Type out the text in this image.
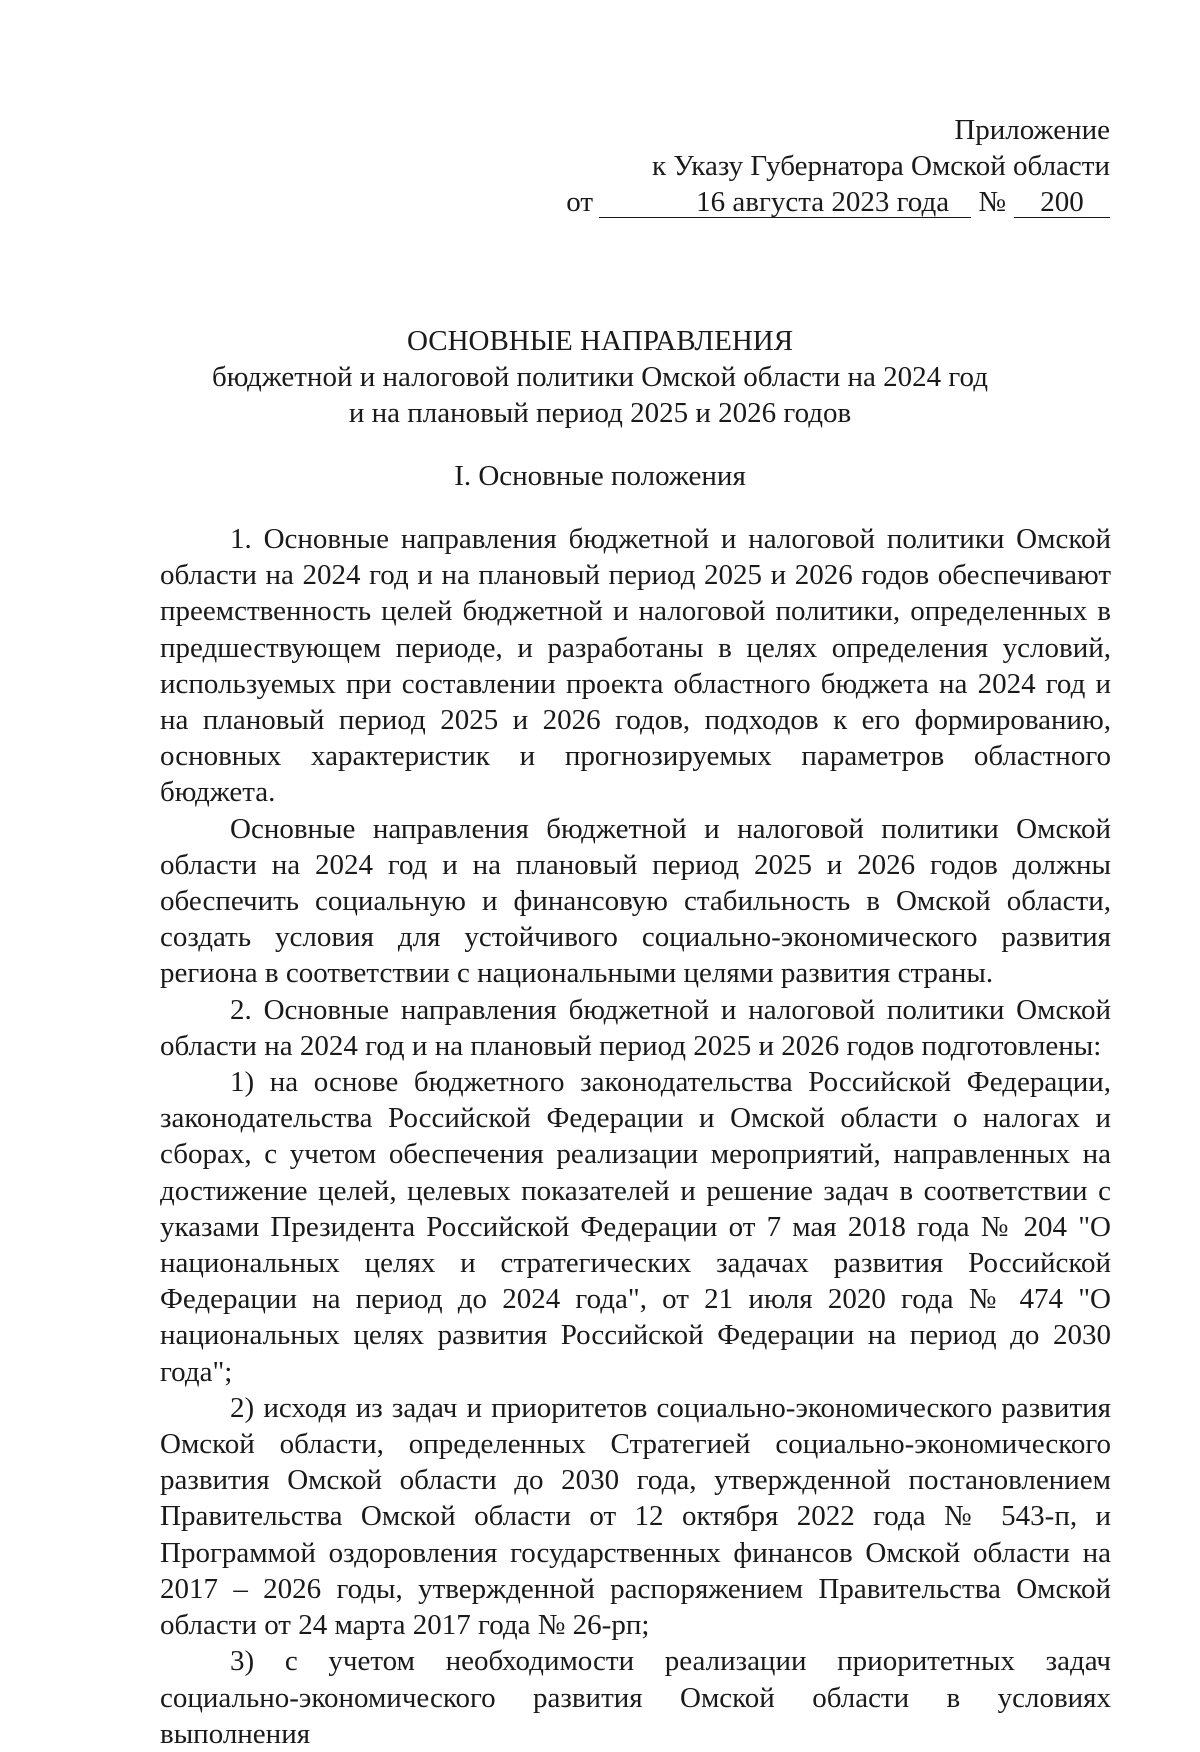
Приложение
к Указу Губернатора Омской области
от	16 августа 2023 года № 200
ОСНОВНЫЕ НАПРАВЛЕНИЯ
бюджетной и налоговой политики Омской области на 2024 год
и на плановый период 2025 и 2026 годов
I. Основные положения

1. Основные направления бюджетной и налоговой политики Омской области на 2024 год и на плановый период 2025 и 2026 годов обеспечивают преемственность целей бюджетной и налоговой политики, определенных в предшествующем периоде, и разработаны в целях определения условий, используемых при составлении проекта областного бюджета на 2024 год и на плановый период 2025 и 2026 годов, подходов к его формированию, основных характеристик и прогнозируемых параметров областного бюджета.

Основные направления бюджетной и налоговой политики Омской области на 2024 год и на плановый период 2025 и 2026 годов должны обеспечить социальную и финансовую стабильность в Омской области, создать условия для устойчивого социально-экономического развития региона в соответствии с национальными целями развития страны.

2. Основные направления бюджетной и налоговой политики Омской области на 2024 год и на плановый период 2025 и 2026 годов подготовлены:

1) на основе бюджетного законодательства Российской Федерации, законодательства Российской Федерации и Омской области о налогах и сборах, с учетом обеспечения реализации мероприятий, направленных на достижение целей, целевых показателей и решение задач в соответствии с указами Президента Российской Федерации от 7 мая 2018 года № 204 "О национальных целях и стратегических задачах развития Российской Федерации на период до 2024 года", от 21 июля 2020 года № 474 "О национальных целях развития Российской Федерации на период до 2030 года";

2) исходя из задач и приоритетов социально-экономического развития Омской области, определенных Стратегией социально-экономического развития Омской области до 2030 года, утвержденной постановлением Правительства Омской области от 12 октября 2022 года № 543-п, и Программой оздоровления государственных финансов Омской области на 2017 – 2026 годы, утвержденной распоряжением Правительства Омской области от 24 марта 2017 года № 26-рп;

3) с учетом необходимости реализации приоритетных задач социально-экономического развития Омской области в условиях выполнения
